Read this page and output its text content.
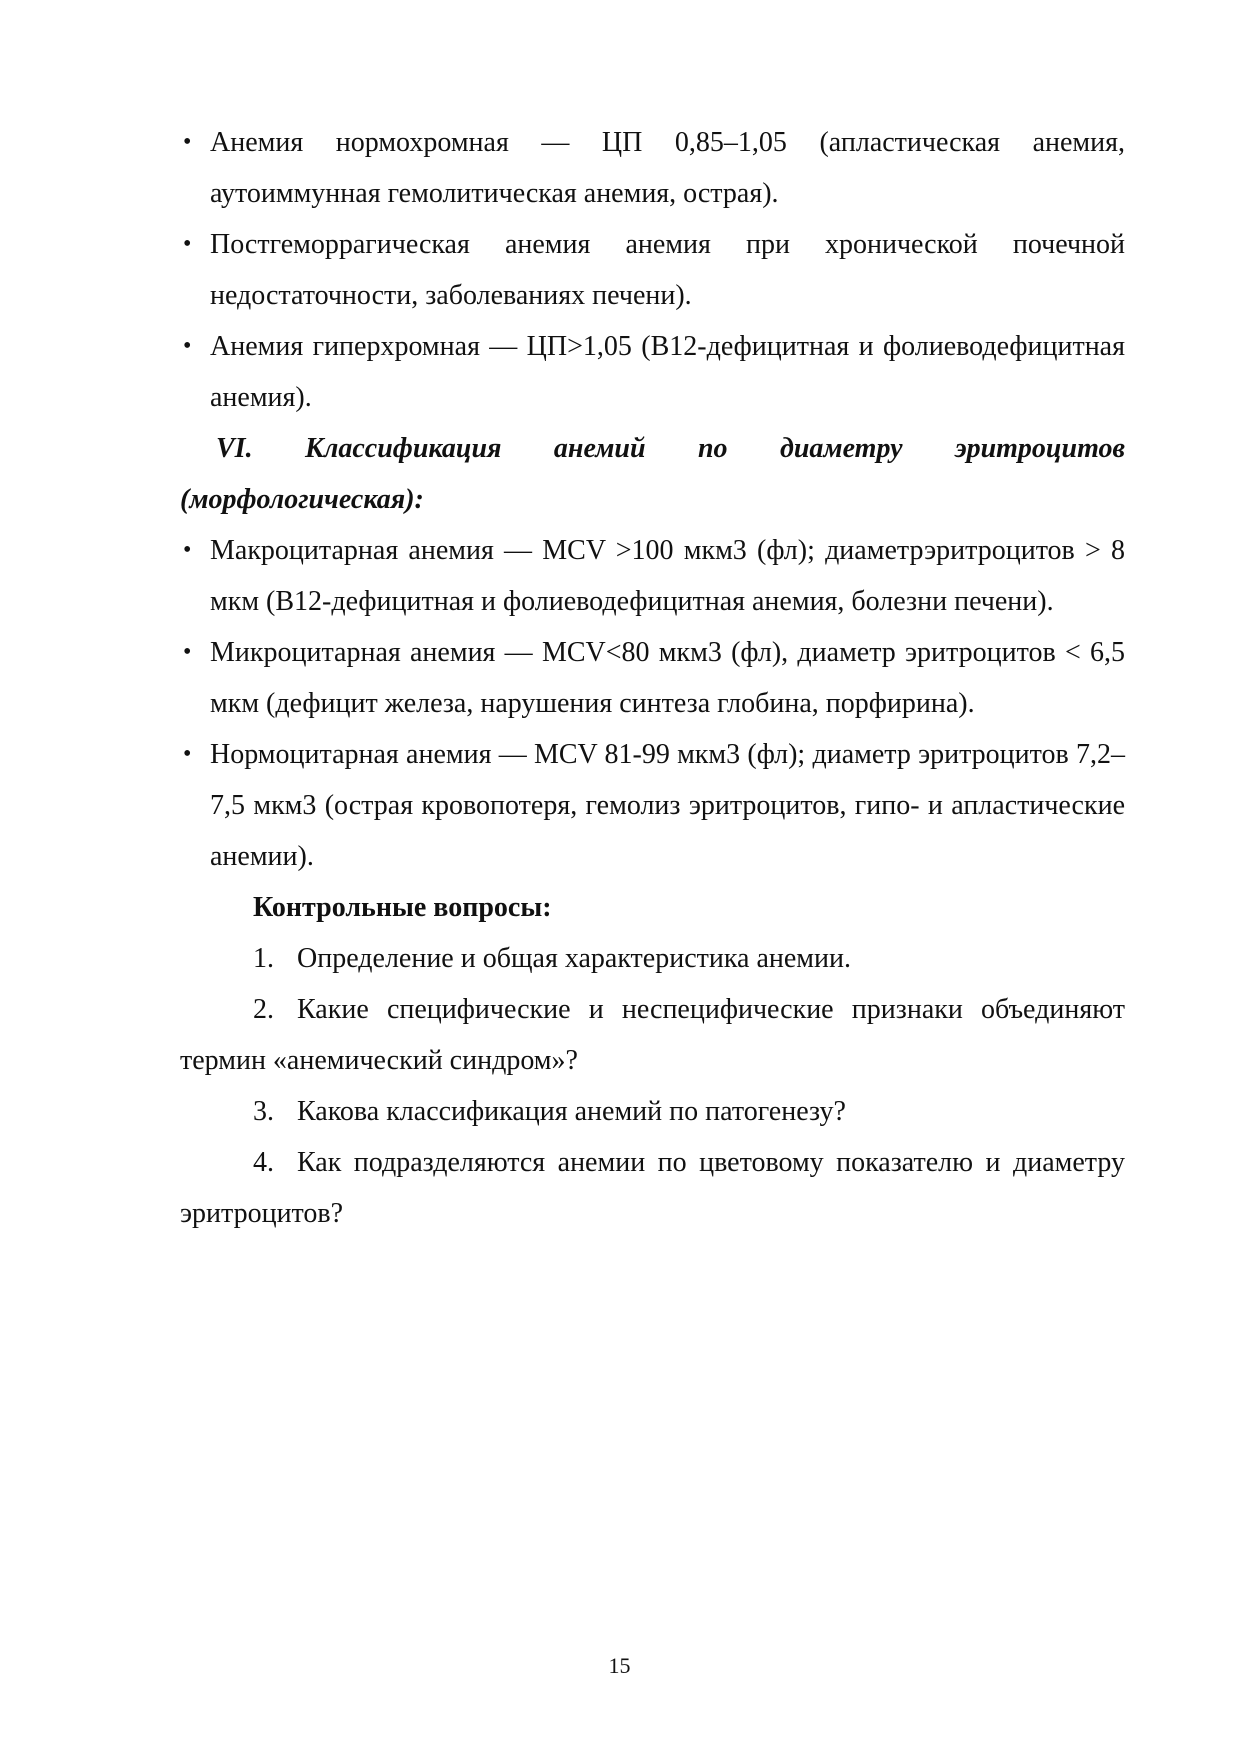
• Анемия нормохромная — ЦП 0,85–1,05 (апластическая анемия, аутоиммунная гемолитическая анемия, острая).
• Постгеморрагическая анемия анемия при хронической почечной недостаточности, заболеваниях печени).
• Анемия гиперхромная — ЦП>1,05 (В12-дефицитная и фолиеводефицитная анемия).

VI. Классификация анемий по диаметру эритроцитов (морфологическая):

• Макроцитарная анемия — MCV >100 мкм3 (фл); диаметрэритроцитов > 8 мкм (В12-дефицитная и фолиеводефицитная анемия, болезни печени).
• Микроцитарная анемия — MCV<80 мкм3 (фл), диаметр эритроцитов < 6,5 мкм (дефицит железа, нарушения синтеза глобина, порфирина).
• Нормоцитарная анемия — MCV 81-99 мкм3 (фл); диаметр эритроцитов 7,2–7,5 мкм3 (острая кровопотеря, гемолиз эритроцитов, гипо- и апластические анемии).

Контрольные вопросы:

1. Определение и общая характеристика анемии.

2. Какие специфические и неспецифические признаки объединяют термин «анемический синдром»?

3. Какова классификация анемий по патогенезу?

4. Как подразделяются анемии по цветовому показателю и диаметру эритроцитов?

15
